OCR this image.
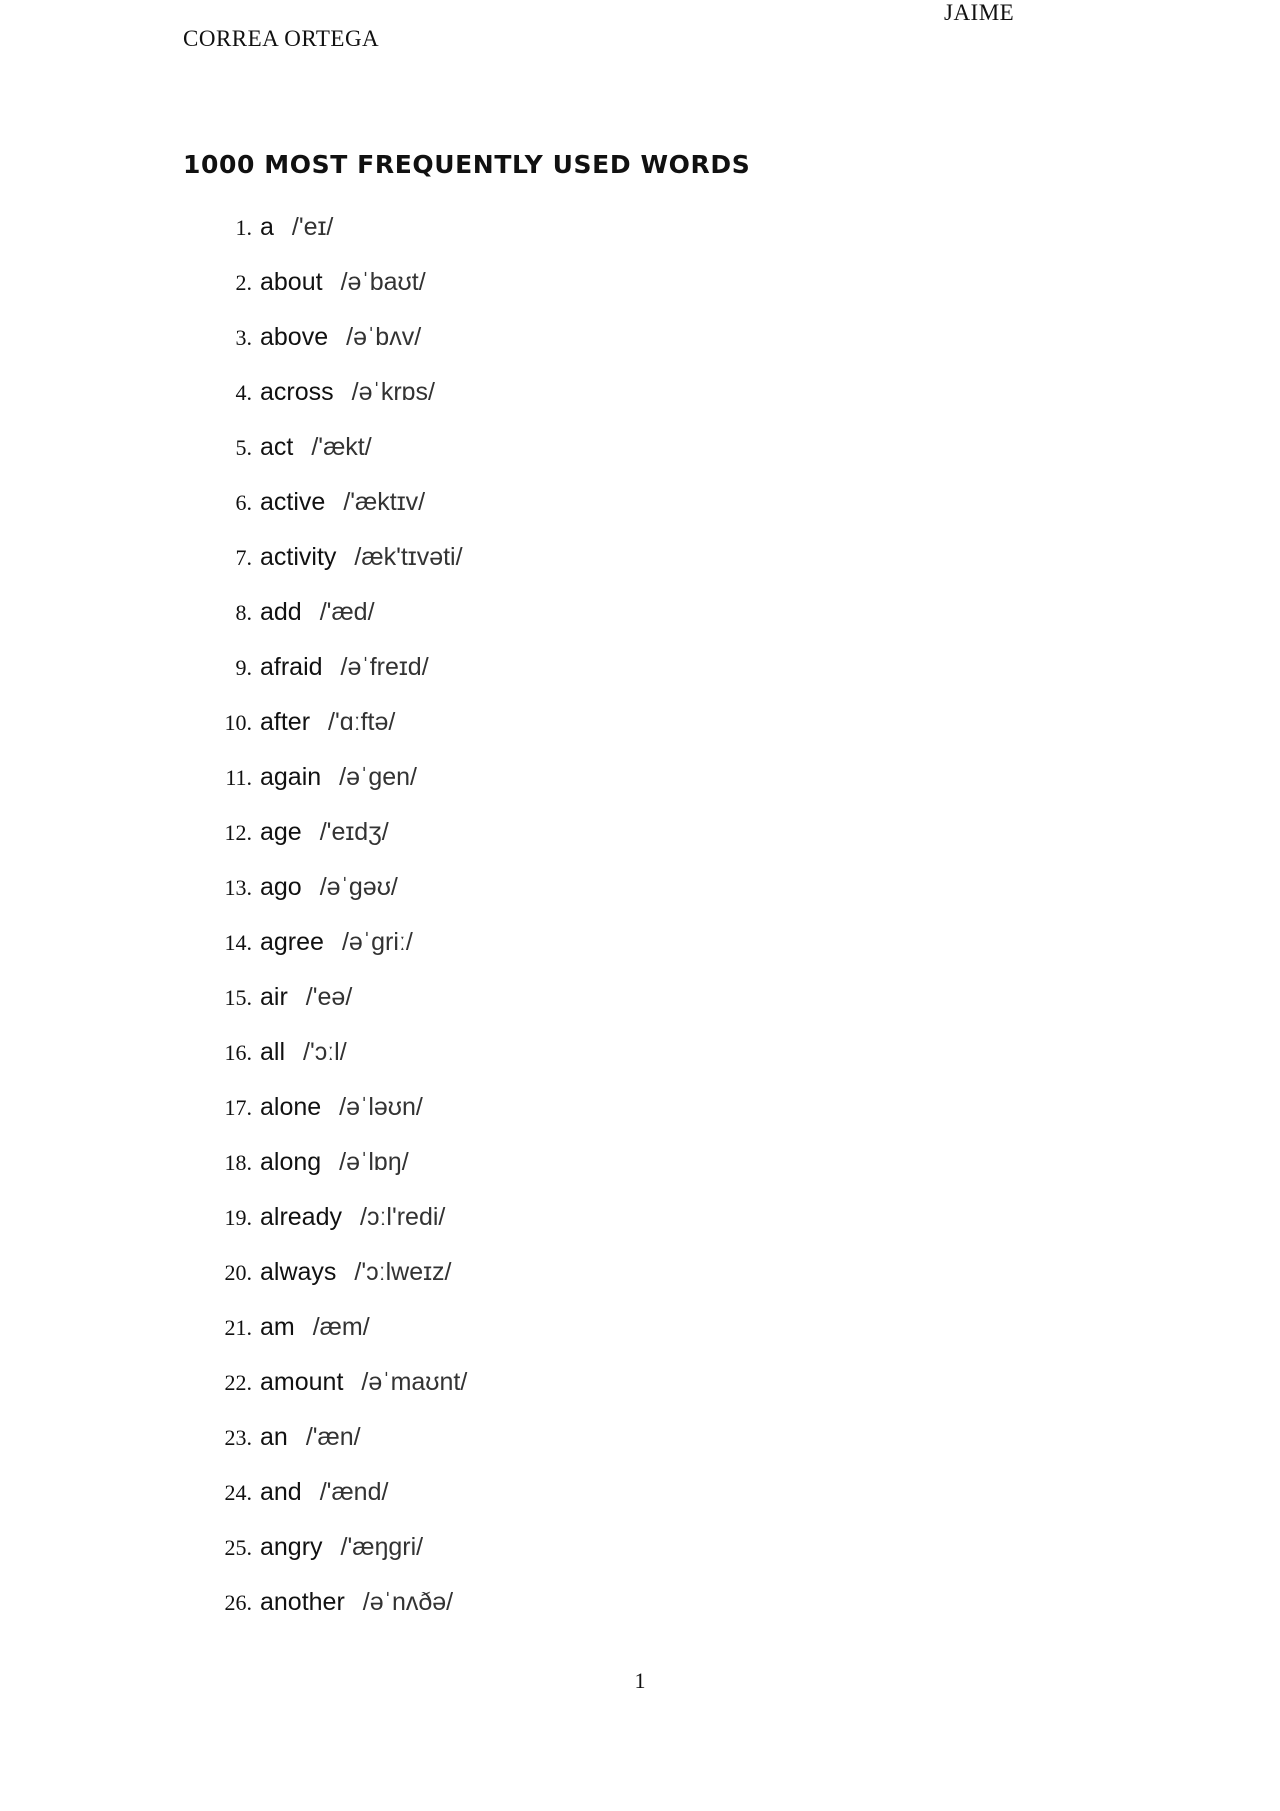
JAIME
CORREA ORTEGA
1000 MOST FREQUENTLY USED WORDS
1. a /'eɪ/
2. about /əˈbaʊt/
3. above /əˈbʌv/
4. across /əˈkrɒs/
5. act /'ækt/
6. active /'æktɪv/
7. activity /æk'tɪvəti/
8. add /'æd/
9. afraid /əˈfreɪd/
10. after /'ɑːftə/
11. again /əˈgen/
12. age /'eɪdʒ/
13. ago /əˈgəʊ/
14. agree /əˈgriː/
15. air /'eə/
16. all /'ɔːl/
17. alone /əˈləʊn/
18. along /əˈlɒŋ/
19. already /ɔːl'redi/
20. always /'ɔːlweɪz/
21. am /æm/
22. amount /əˈmaʊnt/
23. an /'æn/
24. and /'ænd/
25. angry /'æŋgri/
26. another /əˈnʌðə/
1
